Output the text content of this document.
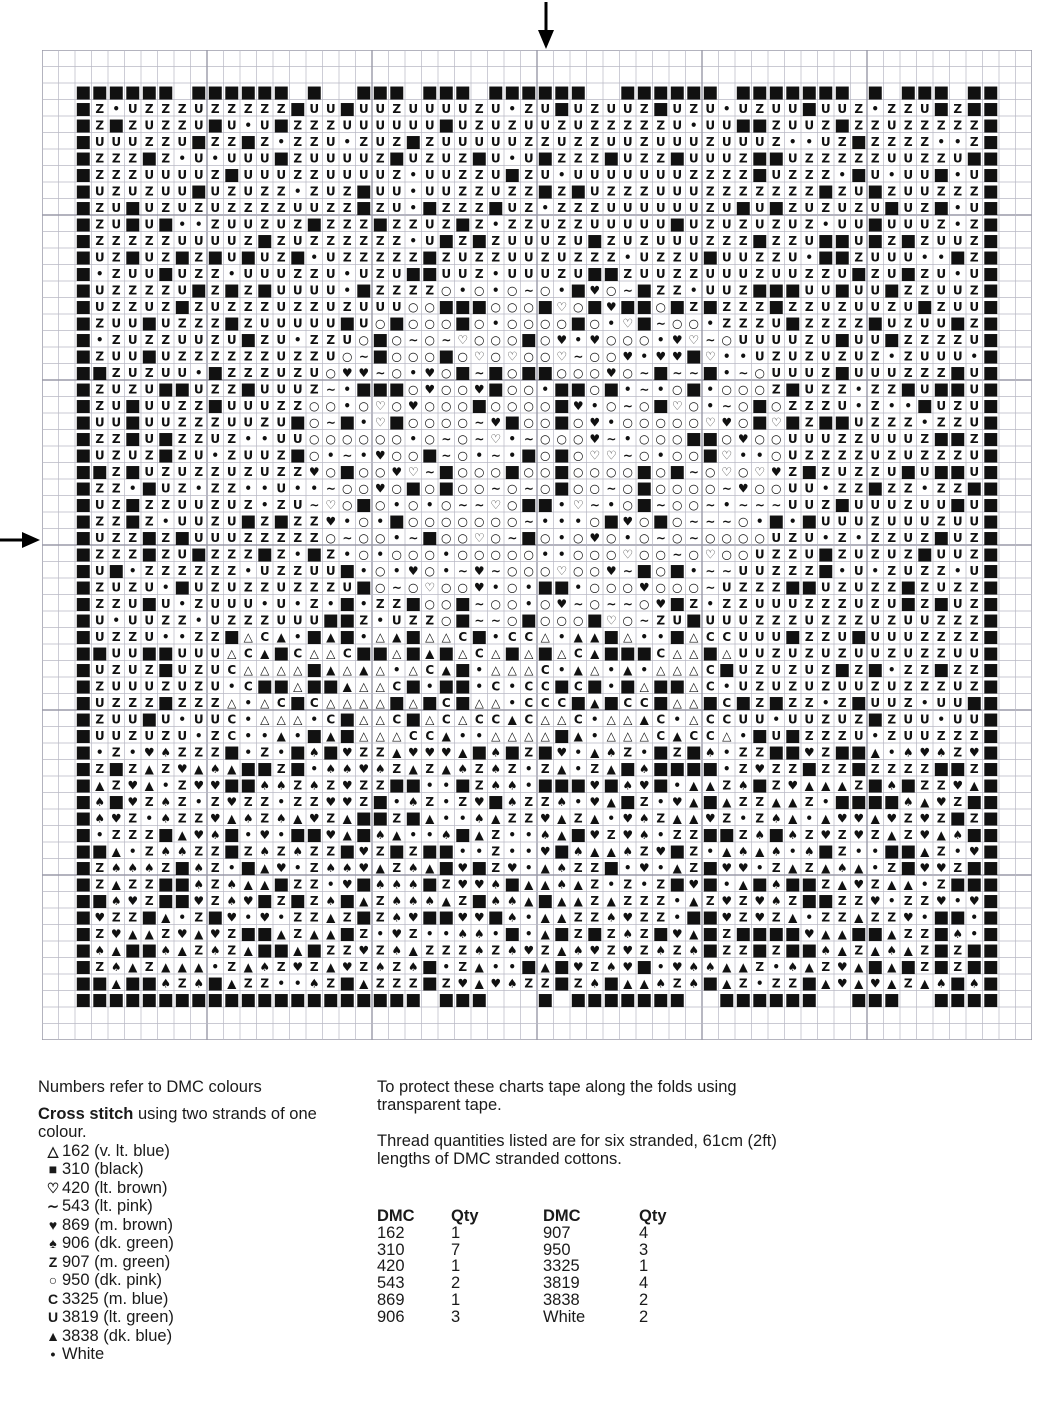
■ ■ ■ ■ ■ ■ ■ ■ ■ ■ ■ ■ ■ ■ ■ ■ ■ ■ ■ ■ ■ ■ ■ ■ ■ ■ ■ ■ ■ ■ ■ ■ ■ ■ ■ ■ ■ ■ ■ ■ ■ ■ ■ ■
■ Z • U Z Z Z U Z Z Z Z Z ■ U U ■ U U Z U U U U Z U • Z U ■ U Z U U Z ■ U Z U • U Z U U ■ U U Z • Z Z U ■ Z ■ ■
■ Z ■ Z U Z Z U ■ U • U ■ Z Z Z U U U U U U ■ U Z U Z U U Z U Z Z Z Z Z U • U U ■ ■ Z U U Z ■ Z Z U Z Z Z Z Z ■
■ U U U Z Z U ■ Z Z ■ Z • Z Z U • Z U Z ■ Z U U U U U Z Z U Z Z U U Z U U U Z U U U Z • • U Z ■ Z Z Z Z • • Z ■
■ Z Z Z ■ Z • U • U U U ■ Z U U U U Z ■ U Z U Z ■ U • U ■ Z Z Z ■ U Z Z ■ U U U Z ■ ■ U Z Z Z Z Z U U Z Z U ■ ■
■ Z Z Z U U U U Z ■ U U U Z Z U U U U Z • U U Z Z U ■ Z U • U U U U U U U Z Z Z Z ■ U Z Z Z • ■ U • U U ■ • U ■
■ U Z U Z U U ■ U Z U Z Z • Z U Z ■ U U • U U Z Z U Z Z ■ Z ■ U Z Z Z U U U Z Z Z Z Z Z Z ■ Z U ■ Z U U Z Z Z ■
■ Z U ■ U Z U Z U Z Z Z Z U U Z Z ■ Z U • ■ Z Z Z ■ U Z • Z Z Z U U U U U U Z U ■ U ■ Z U Z U Z U ■ U Z ■ • U ■
■ Z U ■ U ■ • • Z U U Z U Z ■ Z Z Z ■ Z Z U Z ■ Z • Z Z U Z Z U U U U U ■ U Z U Z U Z U Z • U U ■ U U U Z • Z ■
■ Z Z Z Z Z U U U U Z ■ Z U Z Z Z Z Z Z • U ■ Z ■ Z U U U Z U ■ Z U Z U U U Z Z Z ■ Z Z U ■ ■ U ■ Z ■ Z U U Z ■
■ U Z ■ U Z ■ Z ■ U ■ U Z ■ • U Z Z Z Z Z ■ Z U Z Z U U Z U Z Z Z • U Z Z U ■ U U Z Z U • ■ ■ Z U U U • • ■ Z ■
■ • Z U U ■ U Z Z • U U U Z Z U • U Z U ■ ■ U U Z • U U U Z U ■ ■ Z U U Z Z U U U Z U U Z Z U ■ Z U ■ Z U • U ■
■ U Z Z Z Z U ■ Z ■ Z ■ U U U U • ■ Z Z Z Z ○ • ○ • ○ ∼ ○ • ■ ♥ ○ ∼ ■ Z Z • U U Z ■ ■ ■ U U ■ U U ■ Z Z U U Z ■
■ U Z Z U Z ■ Z U Z Z Z U Z Z U Z U U U ○ ○ ■ ■ ■ ○ ○ ○ ■ ♡ ○ ■ ♥ ■ ■ ○ ■ Z ■ Z Z Z ■ Z Z U Z U U Z U ■ Z U U ■
■ Z U U ■ U Z Z Z ■ Z U U U U U ■ U ○ ■ ○ ○ ○ ■ ○ • ○ ○ ○ ○ ■ ○ • ♡ ■ ∼ ○ ○ • Z Z Z U ■ Z Z Z Z ■ U Z U U ■ Z ■
■ • Z U Z Z U U Z U ■ Z U • Z Z U ○ ■ ○ ∼ ○ ∼ ♡ ○ ○ ○ ■ ○ ♥ • ♥ ○ ○ ○ • ♥ ♡ ∼ ○ U U U U Z U ■ U U ■ Z Z Z Z U ■
■ Z U U ■ U Z Z Z Z Z Z U Z Z U ○ ∼ ■ ○ ○ ○ ■ ○ ♡ ○ ♡ ○ ○ ♡ ∼ ○ ○ ♥ • ♥ ♥ ■ ♡ • • U Z U Z U Z U Z • Z U U U • ■
■ ■ Z U Z U U • ■ Z Z Z U Z U ○ ♥ ♥ ∼ ○ • ♥ ○ ■ ∼ ■ ○ ■ ■ ○ ○ ○ ♥ ○ ∼ ■ ∼ ∼ ■ • ∼ ○ U U U Z ■ U U U Z Z Z ■ U ■
■ Z U Z U ■ ■ U Z Z ■ U U U Z ∼ • ■ ■ ■ ○ ♥ ○ ○ ♥ ■ ○ ○ • ■ ■ ○ ■ • ∼ • ○ ■ • ○ ○ ○ Z ■ U Z Z • Z Z ■ U ■ ■ U ■
■ Z U ■ U U Z Z ■ U U U Z Z ○ ○ • ○ ♡ ○ ♥ ○ ○ ○ ■ ○ ○ ○ ○ ■ ♥ • ○ ∼ ○ ■ ♡ ○ • ∼ ○ ■ ○ Z Z Z U • Z • • ■ U Z U ■
■ U U ■ U U Z Z Z U U Z U ■ ○ ∼ ■ • ♡ ■ ○ ○ ○ ○ ∼ ♥ ■ ○ ○ ■ ○ ♥ • ○ ○ ○ ○ ○ ♡ ♥ ○ ■ ♡ ■ Z ■ ■ U Z Z Z • Z Z U ■
■ Z Z ■ U ■ Z Z U Z • • U U ○ ○ ○ ○ ○ ○ • ○ ∼ ○ ∼ ♡ • ∼ ○ ○ ○ ♥ ∼ • ○ ○ ○ ■ ■ ○ ♥ ○ ○ U U U Z Z U U U Z ■ ■ Z ■
■ U Z U Z ■ Z U • Z U U Z ■ ○ • ∼ • ♥ ○ ○ ■ ∼ ○ • ∼ • ■ ○ ■ ○ ♡ ♡ ∼ ○ • ○ ○ ■ ♡ • • ○ U Z Z Z Z U Z U Z Z Z U ■
■ ■ Z ■ U Z U Z Z U Z U Z Z ♥ ○ ■ ○ ○ ♥ ♡ ∼ ■ ○ ○ ○ ■ ○ ○ ■ ○ ○ ○ ○ ■ ○ ■ ∼ ○ ♡ ○ ♡ ♥ Z ■ Z U Z Z U ■ U ■ ■ U ■
■ Z Z • ■ U Z • Z Z • • U • • ∼ ○ ○ ♥ ○ ■ ○ ■ ○ ○ ∼ ○ ∼ ○ ■ ○ ○ ∼ ○ ■ ○ ○ ○ ○ ∼ ♥ ○ ○ U U • Z Z ■ Z Z • Z Z ■ ■
■ U Z ■ Z Z U U Z U Z • Z U ∼ ♡ ○ ■ ○ • ○ • ○ ∼ ∼ ♡ ○ ■ ■ • ♡ ∼ • ○ ■ ∼ ○ ○ ∼ • ∼ ∼ ∼ U U Z ■ U U U Z U U ■ U ■
■ Z Z ■ Z • U U Z U ■ Z ■ Z Z ♥ • ○ • ■ ○ ○ ○ ○ ○ ○ ○ ∼ • • • ○ ■ ♥ ○ ■ ○ ∼ ∼ ∼ ○ • ■ • ■ U U U Z U U U Z U U ■
■ U Z Z ■ Z ■ U U U Z Z Z Z Z ○ ∼ ○ ○ • ∼ ■ ○ ○ ♡ ○ ∼ ■ ○ • ○ ♥ ○ • ○ ∼ ○ ∼ ○ ○ ○ ○ U Z U • Z • Z Z U Z ■ U Z ■
■ Z Z Z ■ Z U ■ Z Z Z ■ Z • ■ Z • ○ • ○ ○ ○ • ○ ○ ○ ○ ○ • • ○ ○ ○ ♡ ○ ○ ∼ ○ ♡ ○ ○ U Z Z U ■ Z U Z U Z ■ U U Z ■
■ U ■ • Z Z Z Z Z Z • U Z Z U U ■ • ○ • ♥ ○ • ∼ ♥ ∼ ○ ○ ○ ♡ ○ ○ ♥ ∼ ■ ○ ■ • ∼ ∼ U U Z Z Z ■ • U • Z U Z Z • U ■
■ Z U Z U • ■ U Z U Z Z U Z Z Z U ■ ○ ∼ ○ ♡ ○ ○ ♥ • ○ • ■ ■ • ○ ○ ○ ♥ ○ ○ ○ ∼ U Z Z Z ■ ■ U Z U Z Z ■ Z U Z Z ■
■ Z Z U ■ U • Z U U U • U • Z • ■ • Z Z ■ ○ ○ ■ ∼ ○ ○ • ○ ♥ ∼ ○ ∼ ∼ ○ ♥ ■ Z • Z Z U U U Z Z Z U Z U ■ Z ■ U Z ■
■ U • U U Z Z • U Z Z Z U U U ■ ■ Z • U Z Z ○ ■ ∼ ∼ ○ ■ ○ ○ ○ ■ ♡ ○ ∼ Z U ■ U U U Z Z Z U Z Z Z U Z U U Z Z Z ■
■ U Z Z U • • Z Z ■ △ C ▲ • ■ ▲ ■ • △ ▲ ■ △ △ C ■ • C C △ • ▲ ▲ ■ △ • • ■ △ C C U U U ■ Z Z U ■ U U U Z Z Z Z ■
■ ■ U U ■ ■ U U U △ C ▲ ■ C △ △ C ■ ■ △ ■ ▲ ■ △ C △ ■ △ ■ △ C ▲ ■ ■ ■ C △ △ ■ △ U U Z U Z U Z U U Z U Z Z U U ■
■ U Z U Z ■ U Z U C △ △ △ △ ■ ▲ △ ▲ △ • △ C ▲ ■ • △ △ △ C • ▲ △ • ▲ • △ △ △ C ■ U Z U Z U Z ■ Z ■ • Z Z ■ Z Z ■
■ Z U U U Z U Z U • C ■ ■ △ ■ ■ ▲ △ △ C ■ • ■ ■ • C • C C ■ C ■ • ■ △ ■ ■ △ C • U Z U Z U Z U U Z U Z Z Z U Z ■
■ U Z Z Z ■ Z Z Z △ • △ C ■ C △ △ △ △ ■ △ ■ C ■ △ △ • C C C ■ ▲ ■ C C ■ △ △ ■ C ■ Z ■ Z Z • Z ■ U U Z • U U ■ ■
■ Z U U ■ U • U U C • △ △ △ • C ■ △ △ C ■ △ C △ C C ▲ C △ △ C • △ △ ▲ C • △ C C U U • U U Z U Z ■ Z U U • U U ■
■ U U Z U Z U • Z C • • ▲ • ■ ▲ ■ △ △ △ C C ▲ • • △ △ △ △ ■ ▲ • △ △ △ C ▲ C C △ • ■ U ■ Z Z Z U • Z U U Z Z Z ■
■ • Z • ♥ ♠ Z Z Z ■ • Z • ■ ♠ ■ ♥ Z Z ▲ ♥ ♥ ♥ ▲ ■ ♠ ■ Z ■ ♥ • ▲ ♠ Z • ■ Z ■ ♠ • Z Z ■ ■ ♥ Z ■ ■ ▲ • ♠ ♥ ♠ Z ♥ ■
■ Z ■ Z ▲ Z ♥ ▲ ♠ ▲ ■ ■ Z ■ • ♠ ♠ ♥ ♠ Z ▲ Z ▲ ♠ Z ♠ Z • Z ▲ • Z ▲ ■ ♠ ■ ■ ■ ■ • Z ♥ Z Z ■ Z Z ■ Z Z Z Z ■ ■ Z ■
■ ▲ Z ♥ ▲ • Z ♥ ♥ ■ ■ ♠ ♠ Z ♠ Z ♥ Z Z ■ ■ • • ■ Z ♠ ♠ • ■ ■ ■ ♥ ■ ♠ ♥ ■ • ▲ ▲ Z ♠ ■ Z ♥ ▲ ▲ ▲ Z ■ ♠ ■ Z Z ♥ ▲ ■
■ ♠ ■ ♥ Z ♠ Z • Z ♥ Z Z • Z Z ♥ ♥ Z ■ • ♠ Z • Z ♥ ■ ♠ Z Z ♠ • ♥ ▲ ■ Z • ♥ ▲ ■ ▲ Z Z ▲ ▲ Z • ■ ■ ■ ■ ♠ ▲ ♥ Z ■ ■
■ ♠ ♥ Z • ♠ Z Z ♥ ▲ ♠ Z ♠ ▲ ♥ Z ▲ ■ ■ Z ■ ▲ • • ♠ ▲ Z Z ♥ ▲ Z ▲ • ♥ ♠ Z ▲ ▲ ♥ Z • Z ♠ ▲ • ▲ ♥ ♥ ▲ ♥ Z ♥ Z ■ Z ■
■ • Z Z Z ■ ▲ ♥ ♠ ■ • ♥ • ■ ■ ♥ ▲ ■ ♠ ▲ • • ♠ ■ ▲ Z • • ♠ ▲ ■ ♥ Z ♥ ♠ • Z Z ■ ■ Z ♠ ■ ♠ Z ♥ Z ♥ Z ▲ Z ♥ ▲ ♠ ■ ■
■ ■ ▲ • Z ♠ ♠ Z Z ■ Z ♠ Z ♠ Z Z ■ ♥ Z ■ Z ■ ■ • • Z • • ♥ ■ ♠ ▲ ▲ ♠ Z ♥ ■ Z • ▲ ♠ ▲ ♠ • ♠ ■ Z • • ■ ■ ▲ Z • ♥ ■
■ Z ♠ ♠ ♠ Z ■ ♠ Z • ■ ▲ ♥ • Z ♠ ♠ ♥ ▲ Z ♠ ▲ ■ ♥ ■ Z ♥ • ▲ ♠ Z Z ■ • ♥ • ▲ Z ■ ♥ ♥ • Z ▲ Z ▲ ♠ ▲ • Z ■ ♥ ♥ Z ■ ■
■ Z ▲ Z Z ■ ■ ♠ Z ♠ ▲ ▲ ■ Z Z • ♥ ■ ♠ ♠ ♠ ■ Z ♥ ♥ ♠ ■ ▲ ▲ ♠ ▲ Z • Z • Z ■ ♥ ■ • ▲ ■ ♠ ■ ■ Z ▲ ♥ Z ▲ ▲ • Z ■ ■ ■
■ ■ ♠ ♥ Z ■ ■ ♥ Z ♠ ♥ ■ Z ■ Z ♠ ■ ▲ Z ♠ ♠ ♠ ▲ Z ■ ♠ ♠ ▲ ■ ▲ ▲ Z ▲ Z Z Z • ▲ Z ♥ Z ♥ ♠ Z ■ ■ Z Z ♥ • Z Z ♥ • ♥ ■
■ ♥ Z Z ■ ▲ • Z ■ ♥ • ♥ • Z Z ▲ Z ■ Z ♠ ♥ ■ ■ ♥ ♥ ■ ♠ • ▲ ▲ Z Z ♠ ♥ Z Z • ■ ■ ♥ Z ♥ Z ▲ • Z Z ▲ Z Z ♥ • ■ ■ • ■
■ Z ♥ ▲ ▲ Z ♥ ▲ ♥ Z ■ ■ ▲ Z ▲ ▲ ■ Z • ♥ Z • • ♠ ♠ • ■ • ▲ ■ Z ■ Z ♠ Z ■ ♥ ▲ ■ Z ■ ■ ■ ■ ♥ ▲ ▲ ■ ■ ▲ Z Z ■ ♠ • ■
■ ♠ ▲ ■ ■ ♠ ▲ Z ♠ Z ▲ ■ ■ ▲ ■ Z Z ♥ Z ♠ ▲ Z Z Z ♠ Z ♠ ♥ Z ▲ ♠ ♥ Z ♥ Z ♠ Z ♠ ■ Z Z ■ Z ■ ■ ♠ ▲ Z ▲ ♠ ▲ Z ■ Z ■ ■
■ Z ♠ ▲ Z ▲ ▲ ▲ • Z ▲ ♠ Z ♥ Z ▲ ♥ Z ♠ Z ♠ ■ • Z ▲ • • ■ ▲ ■ ♥ Z ♠ ♥ ■ • ♥ ♠ ♠ ▲ ▲ Z • ♠ ▲ Z ♥ ▲ ■ ▲ ■ Z ■ Z ■ ■
■ ■ ▲ ■ ■ ♠ Z ♠ ■ ▲ Z Z • • ♠ Z ■ ▲ Z Z Z ■ Z ♥ ▲ ♥ ♠ Z Z ■ Z ♠ ■ ▲ ▲ ♠ Z ♠ ■ ▲ Z • Z Z ■ ▲ ♥ ▲ ♥ ▲ Z ▲ ♠ ■ ♠ ■
■ ■ ■ ■ ■ ■ ■ ■ ■ ■ ■ ■ ■ ■ ■ ■ ■ ■ ■ ■ ■ ■ ■ ■	■ ■ ■ ■ ■ ■ ■ ■ ■ ■ ■ ■ ■ ■ ■ ■ ■ ■ ■ ■ ■
Numbers refer to DMC colours
Cross stitch using two strands of one colour.
△ 162 (v. lt. blue)
■ 310 (black)
♡ 420 (lt. brown)
∼ 543 (lt. pink)
♥ 869 (m. brown)
♠ 906 (dk. green)
Z 907 (m. green)
○ 950 (dk. pink)
C 3325 (m. blue)
U 3819 (lt. green)
▲ 3838 (dk. blue)
• White

To protect these charts tape along the folds using transparent tape.

Thread quantities listed are for six stranded, 61cm (2ft) lengths of DMC stranded cottons.

DMC	Qty	DMC	Qty
162	1	907	4
310	7	950	3
420	1	3325	1
543	2	3819	4
869	1	3838	2
906	3	White	2
